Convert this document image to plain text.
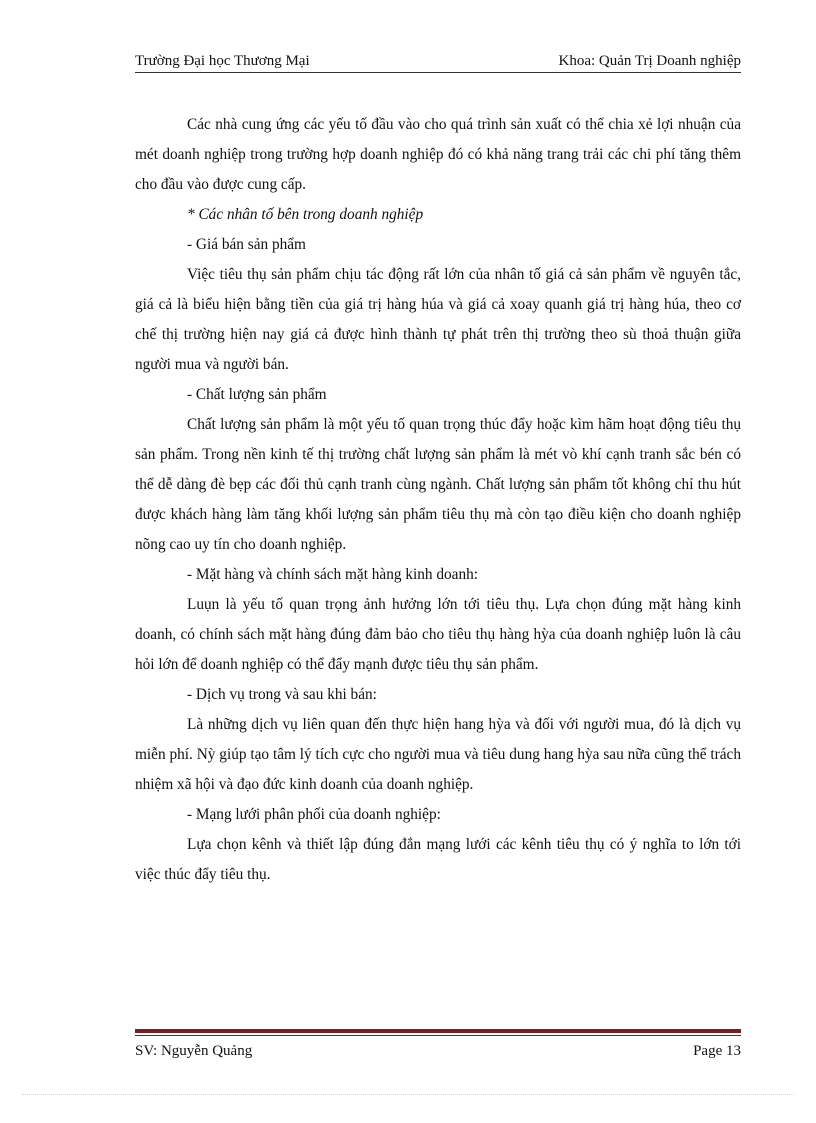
Trường Đại học Thương Mại	Khoa: Quản Trị Doanh nghiệp

Các nhà cung ứng các yếu tố đầu vào cho quá trình sản xuất có thể chia xẻ lợi nhuận của mét doanh nghiệp trong trường hợp doanh nghiệp đó có khả năng trang trải các chi phí tăng thêm cho đầu vào được cung cấp.

* Các nhân tố bên trong doanh nghiệp

- Giá bán sản phẩm

Việc tiêu thụ sản phẩm chịu tác động rất lớn của nhân tố giá cả sản phẩm về nguyên tắc, giá cả là biểu hiện bằng tiền của giá trị hàng húa và giá cả xoay quanh giá trị hàng húa, theo cơ chế thị trường hiện nay giá cả được hình thành tự phát trên thị trường theo sù thoả thuận giữa người mua và người bán.

- Chất lượng sản phẩm

Chất lượng sản phẩm là một yếu tố quan trọng thúc đẩy hoặc kìm hãm hoạt động tiêu thụ sản phẩm. Trong nền kinh tế thị trường chất lượng sản phẩm là mét vò khí cạnh tranh sắc bén có thể dễ dàng đè bẹp các đối thủ cạnh tranh cùng ngành. Chất lượng sản phẩm tốt không chỉ thu hút được khách hàng làm tăng khối lượng sản phẩm tiêu thụ mà còn tạo điều kiện cho doanh nghiệp nõng cao uy tín cho doanh nghiệp.

- Mặt hàng và chính sách mặt hàng kinh doanh:

Luụn là yếu tố quan trọng ảnh hưởng lớn tới tiêu thụ. Lựa chọn đúng mặt hàng kinh doanh, có chính sách mặt hàng đúng đảm bảo cho tiêu thụ hàng hỳa của doanh nghiệp luôn là câu hỏi lớn để doanh nghiệp có thể đẩy mạnh được tiêu thụ sản phẩm.

- Dịch vụ trong và sau khi bán:

Là những dịch vụ liên quan đến thực hiện hang hỳa và đối với người mua, đó là dịch vụ miễn phí. Nỳ giúp tạo tâm lý tích cực cho người mua và tiêu dung hang hỳa sau nữa cũng thể trách nhiệm xã hội và đạo đức kinh doanh của doanh nghiệp.

- Mạng lưới phân phối của doanh nghiệp:

Lựa chọn kênh và thiết lập đúng đắn mạng lưới các kênh tiêu thụ có ý nghĩa to lớn tới việc thúc đẩy tiêu thụ.

SV: Nguyễn Quảng	Page 13
